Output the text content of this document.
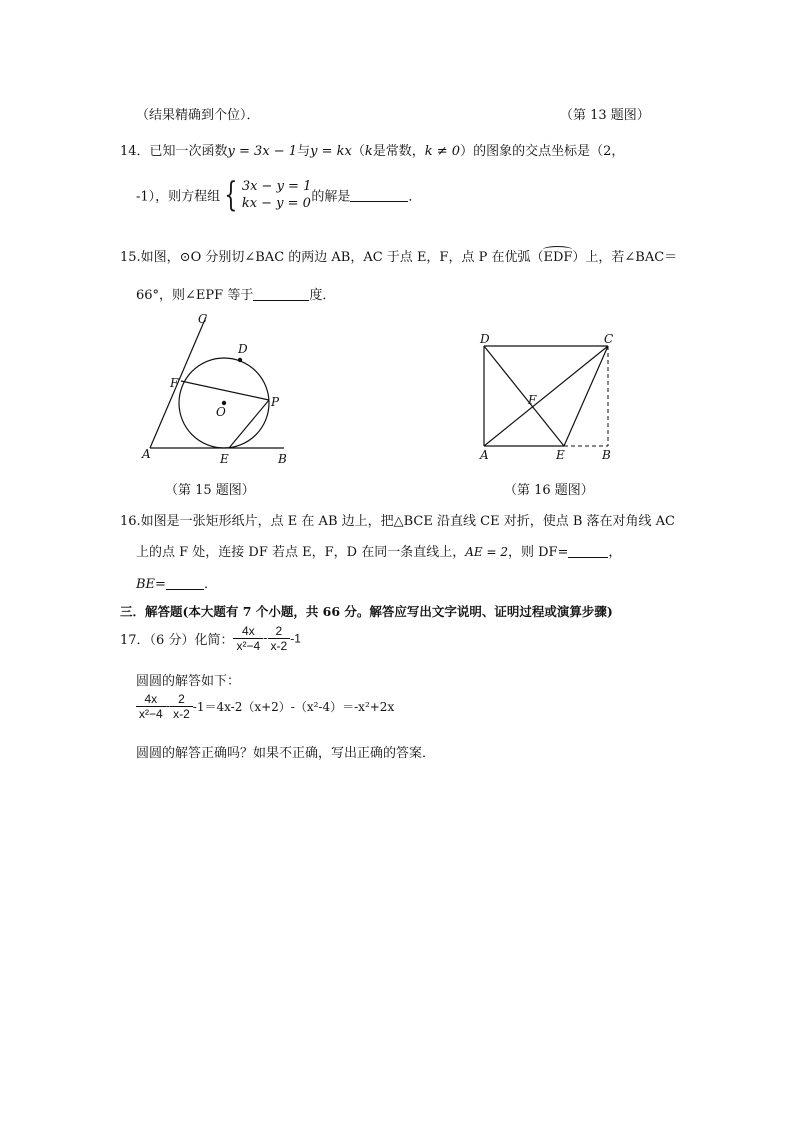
（结果精确到个位）．	（第 13 题图）
14．已知一次函数y = 3x − 1与y = kx（k是常数，k ≠ 0）的图象的交点坐标是（2，
-1），则方程组 { 3x − y = 1
kx − y = 0 的解是	．
15.如图，⊙O 分别切∠BAC 的两边 AB，AC 于点 E，F，点 P 在优弧（
EDF）上，若∠BAC＝
66°，则∠EPF 等于	度．
C
D
F
O
P
A	E	B
（第 15 题图）
D	C
F
A	E	B
（第 16 题图）
16.如图是一张矩形纸片，点 E 在 AB 边上，把△BCE 沿直线 CE 对折，使点 B 落在对角线 AC
上的点 F 处，连接 DF 若点 E，F，D 在同一条直线上，AE = 2，则 DF=	，
BE=	．
三．解答题(本大题有 7 个小题，共 66 分。解答应写出文字说明、证明过程或演算步骤)
17．（6 分）化简： $\frac{4x}{\text{x²−4}} - \frac{2}{x-2} -1$
圆圆的解答如下：
$\frac{4x}{\text{x²−4}} - \frac{2}{x-2} -1=4x-2(x+2)-(x^2-4)=-x^2+2x$
圆圆的解答正确吗？如果不正确，写出正确的答案．
